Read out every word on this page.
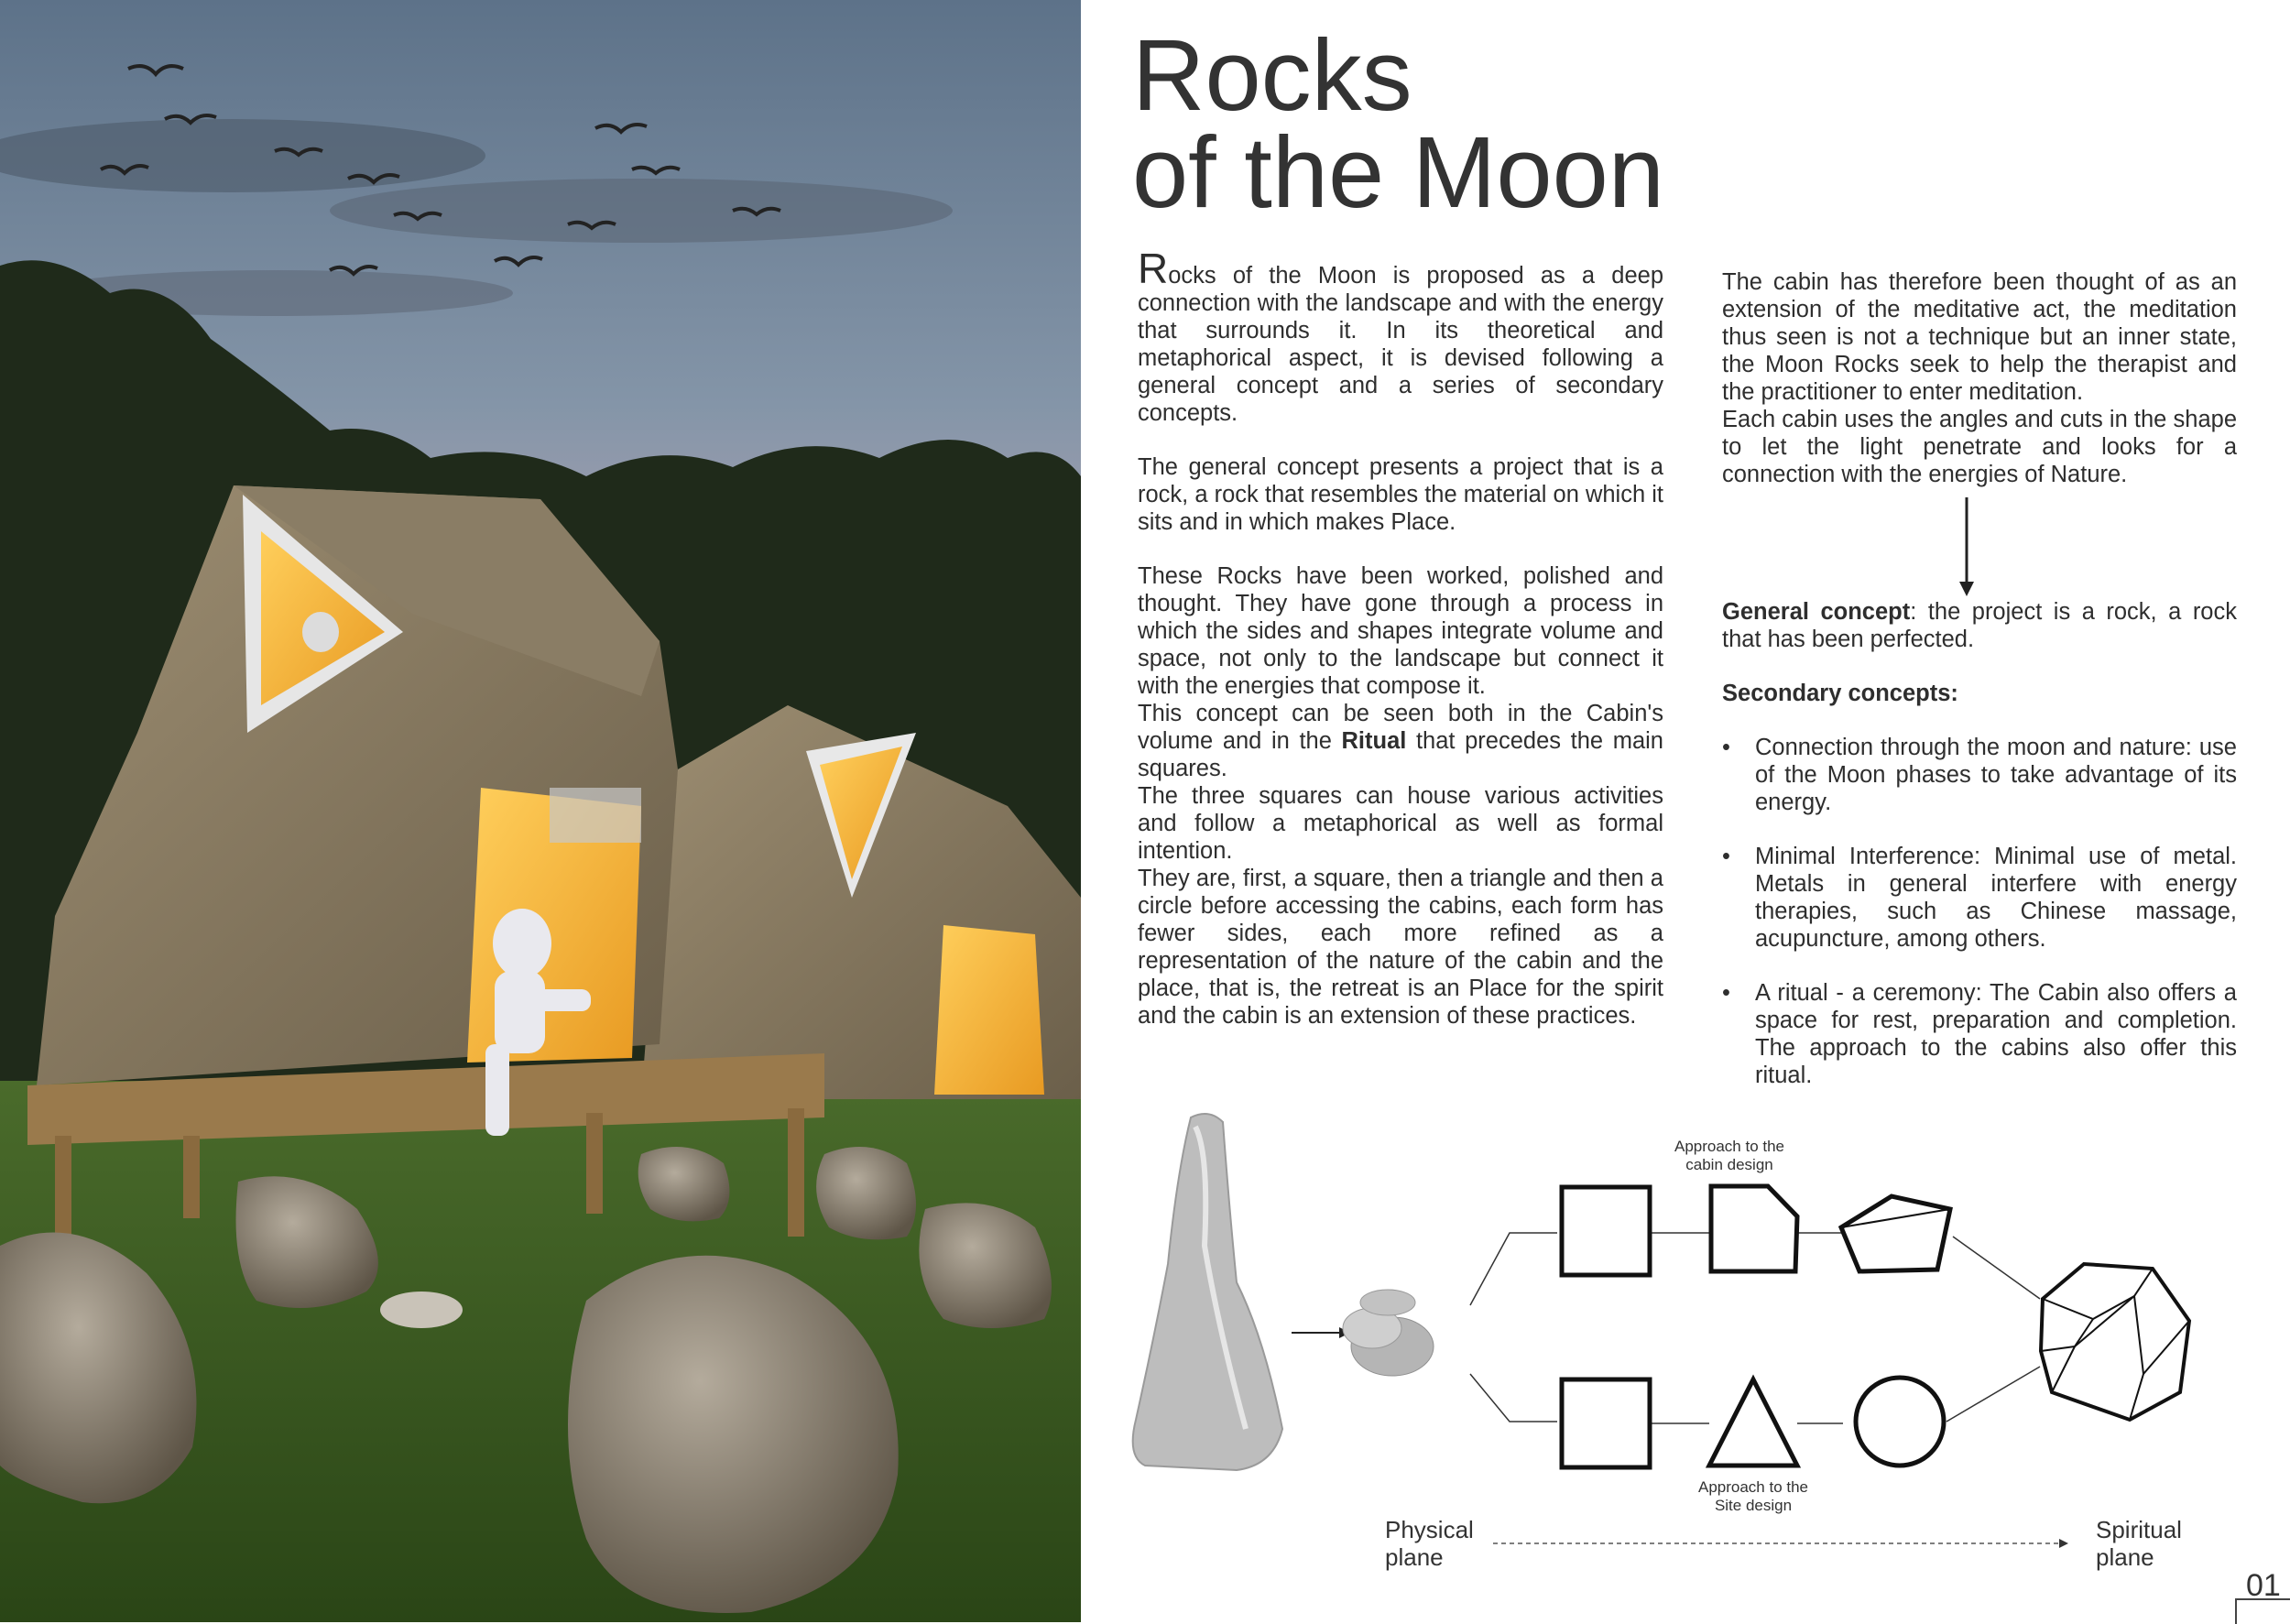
Rocks
of the Moon

Rocks of the Moon is proposed as a deep connection with the landscape and with the energy that surrounds it. In its theoretical and metaphorical aspect, it is devised following a general concept and a series of secondary concepts.

The general concept presents a project that is a rock, a rock that resembles the material on which it sits and in which makes Place.

These Rocks have been worked, polished and thought. They have gone through a process in which the sides and shapes integrate volume and space, not only to the landscape but connect it with the energies that compose it.

This concept can be seen both in the Cabin's volume and in the Ritual that precedes the main squares.

The three squares can house various activities and follow a metaphorical as well as formal intention.

They are, first, a square, then a triangle and then a circle before accessing the cabins, each form has fewer sides, each more refined as a representation of the nature of the cabin and the place, that is, the retreat is an Place for the spirit and the cabin is an extension of these practices.

The cabin has therefore been thought of as an extension of the meditative act, the meditation thus seen is not a technique but an inner state, the Moon Rocks seek to help the therapist and the practitioner to enter meditation.

Each cabin uses the angles and cuts in the shape to let the light penetrate and looks for a connection with the energies of Nature.

General concept: the project is a rock, a rock that has been perfected.

Secondary concepts:

• Connection through the moon and nature: use of the Moon phases to take advantage of its energy.

• Minimal Interference: Minimal use of metal. Metals in general interfere with energy therapies, such as Chinese massage, acupuncture, among others.

• A ritual - a ceremony: The Cabin also offers a space for rest, preparation and completion. The approach to the cabins also offer this ritual.

Approach to the
cabin design
Approach to the
Site design
Physical
plane
Spiritual
plane
01
